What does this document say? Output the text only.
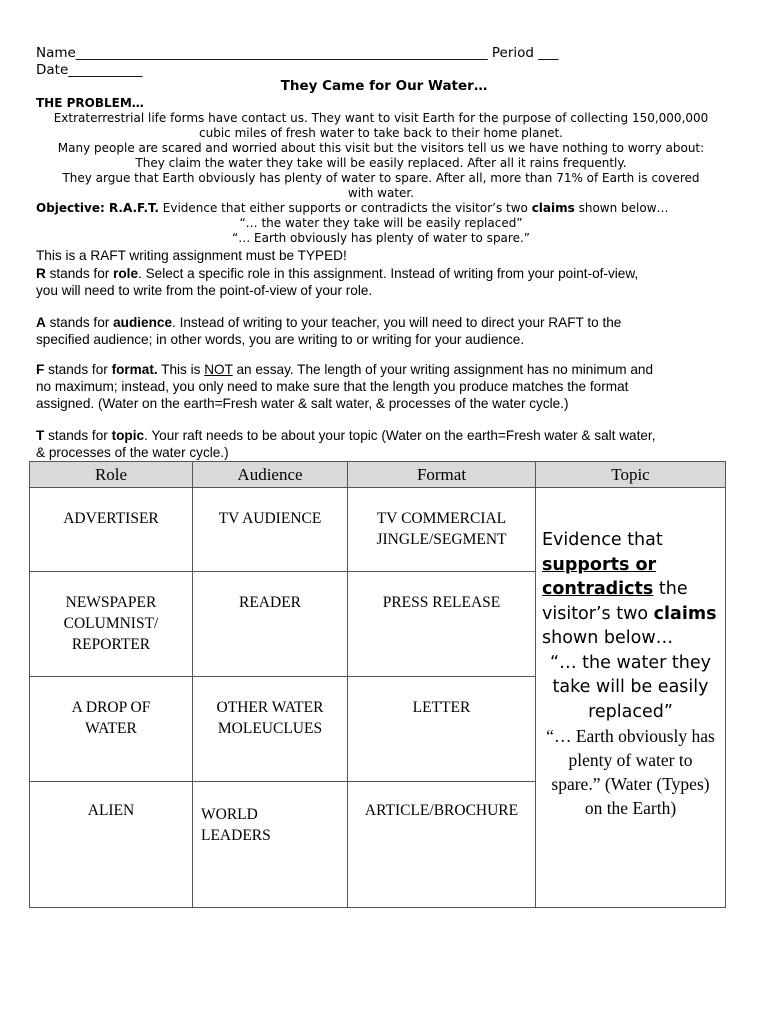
Name_____________________________________________________________ Period ___
Date___________
They Came for Our Water…
THE PROBLEM…
Extraterrestrial life forms have contact us. They want to visit Earth for the purpose of collecting 150,000,000
cubic miles of fresh water to take back to their home planet.
Many people are scared and worried about this visit but the visitors tell us we have nothing to worry about:
They claim the water they take will be easily replaced. After all it rains frequently.
They argue that Earth obviously has plenty of water to spare. After all, more than 71% of Earth is covered
with water.
Objective: R.A.F.T. Evidence that either supports or contradicts the visitor’s two claims shown below…
“… the water they take will be easily replaced”
“… Earth obviously has plenty of water to spare.”
This is a RAFT writing assignment must be TYPED!
R stands for role. Select a specific role in this assignment. Instead of writing from your point-of-view,
you will need to write from the point-of-view of your role.
A stands for audience. Instead of writing to your teacher, you will need to direct your RAFT to the
specified audience; in other words, you are writing to or writing for your audience.
F stands for format. This is NOT an essay. The length of your writing assignment has no minimum and
no maximum; instead, you only need to make sure that the length you produce matches the format
assigned. (Water on the earth=Fresh water & salt water, & processes of the water cycle.)
T stands for topic. Your raft needs to be about your topic (Water on the earth=Fresh water & salt water,
& processes of the water cycle.)
Role	Audience	Format	Topic
ADVERTISER	TV AUDIENCE	TV COMMERCIAL JINGLE/SEGMENT	Evidence that supports or
contradicts the visitor’s two claims shown below…
“… the water they take will be easily replaced”
“… Earth obviously has plenty of water to spare.” (Water (Types) on the Earth)

NEWSPAPER COLUMNIST/ REPORTER	READER	PRESS RELEASE	
A DROP OF WATER	OTHER WATER MOLEUCLUES	LETTER	
ALIEN	WORLD LEADERS	ARTICLE/BROCHURE	
